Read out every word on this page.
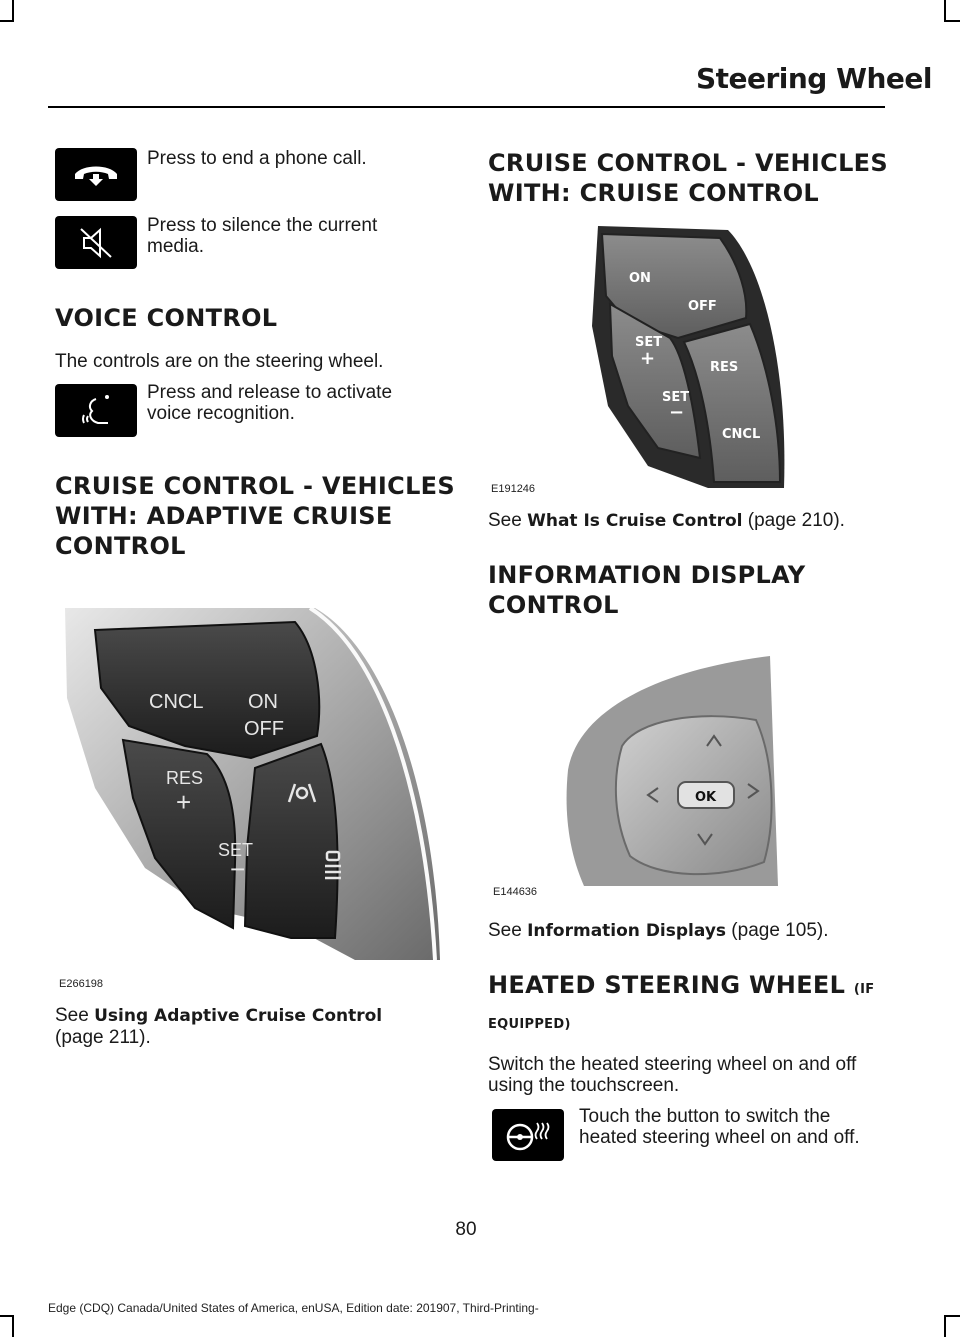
Steering Wheel
Press to end a phone call.
Press to silence the current media.
VOICE CONTROL

The controls are on the steering wheel.

Press and release to activate voice recognition.
CRUISE CONTROL - VEHICLES WITH: ADAPTIVE CRUISE CONTROL
CNCL ON
OFF
RES
+
SET
−
E266198

See Using Adaptive Cruise Control
(page 211).

CRUISE CONTROL - VEHICLES WITH: CRUISE CONTROL
ON
OFF
SET
+	RES
SET
−
CNCL
E191246

See What Is Cruise Control (page 210).

INFORMATION DISPLAY CONTROL
OK
E144636

See Information Displays (page 105).

HEATED STEERING WHEEL (IF
EQUIPPED)

Switch the heated steering wheel on and off using the touchscreen.

Touch the button to switch the heated steering wheel on and off.
80
Edge (CDQ) Canada/United States of America, enUSA, Edition date: 201907, Third-Printing-
